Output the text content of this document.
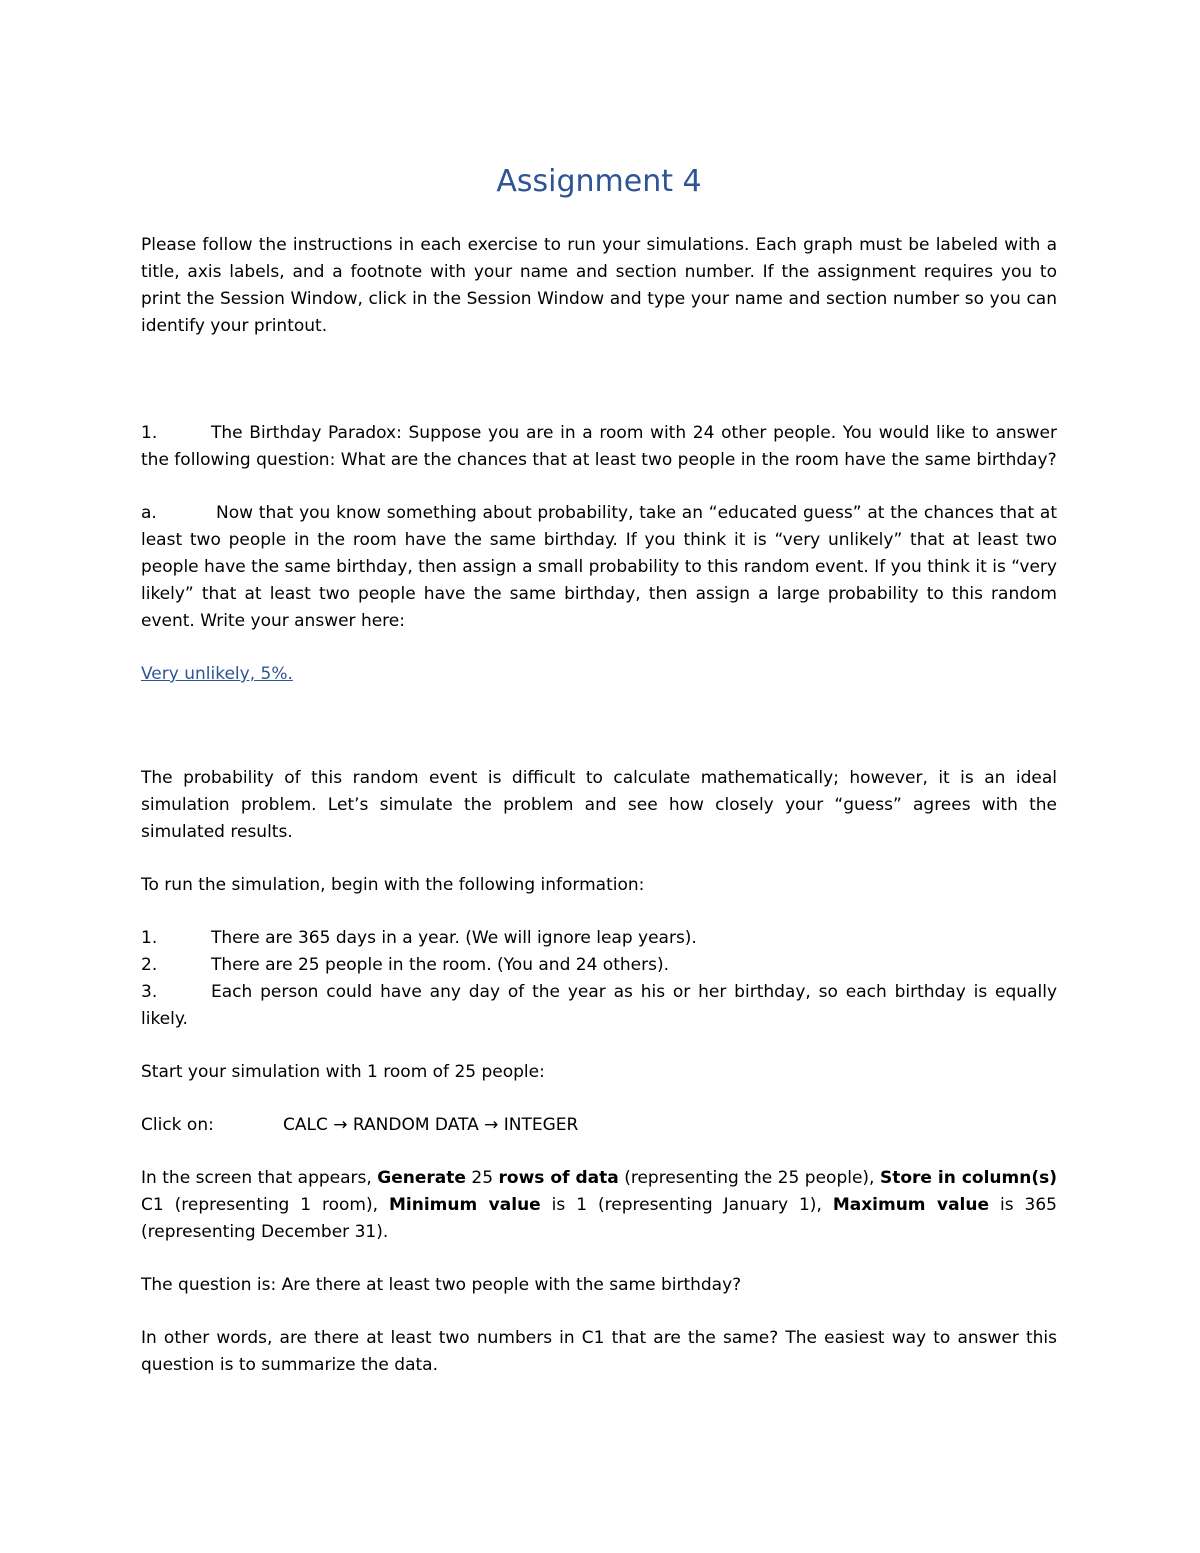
Assignment 4

Please follow the instructions in each exercise to run your simulations. Each graph must be labeled with a title, axis labels, and a footnote with your name and section number. If the assignment requires you to print the Session Window, click in the Session Window and type your name and section number so you can identify your printout.

1.	The Birthday Paradox: Suppose you are in a room with 24 other people. You would like to answer the following question: What are the chances that at least two people in the room have the same birthday?

a.	Now that you know something about probability, take an “educated guess” at the chances that at least two people in the room have the same birthday. If you think it is “very unlikely” that at least two people have the same birthday, then assign a small probability to this random event. If you think it is “very likely” that at least two people have the same birthday, then assign a large probability to this random event. Write your answer here:

Very unlikely, 5%.

The probability of this random event is difficult to calculate mathematically; however, it is an ideal simulation problem. Let’s simulate the problem and see how closely your “guess” agrees with the simulated results.

To run the simulation, begin with the following information:

1.	There are 365 days in a year. (We will ignore leap years).

2.	There are 25 people in the room. (You and 24 others).

3.	Each person could have any day of the year as his or her birthday, so each birthday is equally likely.

Start your simulation with 1 room of 25 people:

Click on:	CALC → RANDOM DATA → INTEGER

In the screen that appears, Generate 25 rows of data (representing the 25 people), Store in column(s) C1 (representing 1 room), Minimum value is 1 (representing January 1), Maximum value is 365 (representing December 31).

The question is: Are there at least two people with the same birthday?

In other words, are there at least two numbers in C1 that are the same? The easiest way to answer this question is to summarize the data.
